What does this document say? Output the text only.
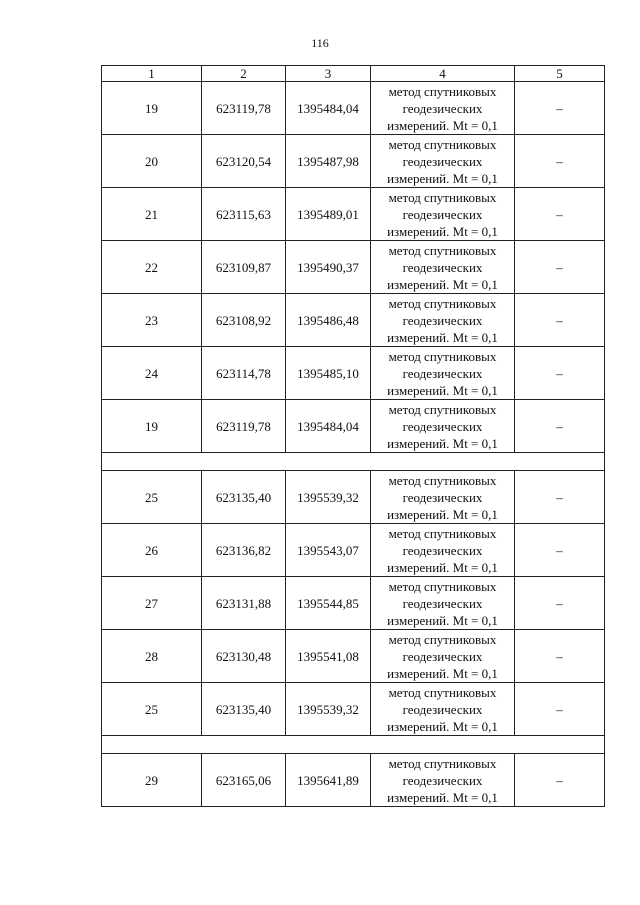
116
1	2	3	4	5
19	623119,78	1395484,04	метод спутниковых
геодезических
измерений. Mt = 0,1	–
20	623120,54	1395487,98	метод спутниковых
геодезических
измерений. Mt = 0,1	–
21	623115,63	1395489,01	метод спутниковых
геодезических
измерений. Mt = 0,1	–
22	623109,87	1395490,37	метод спутниковых
геодезических
измерений. Mt = 0,1	–
23	623108,92	1395486,48	метод спутниковых
геодезических
измерений. Mt = 0,1	–
24	623114,78	1395485,10	метод спутниковых
геодезических
измерений. Mt = 0,1	–
19	623119,78	1395484,04	метод спутниковых
геодезических
измерений. Mt = 0,1	–

25	623135,40	1395539,32	метод спутниковых
геодезических
измерений. Mt = 0,1	–
26	623136,82	1395543,07	метод спутниковых
геодезических
измерений. Mt = 0,1	–
27	623131,88	1395544,85	метод спутниковых
геодезических
измерений. Mt = 0,1	–
28	623130,48	1395541,08	метод спутниковых
геодезических
измерений. Mt = 0,1	–
25	623135,40	1395539,32	метод спутниковых
геодезических
измерений. Mt = 0,1	–

29	623165,06	1395641,89	метод спутниковых
геодезических
измерений. Mt = 0,1	–
